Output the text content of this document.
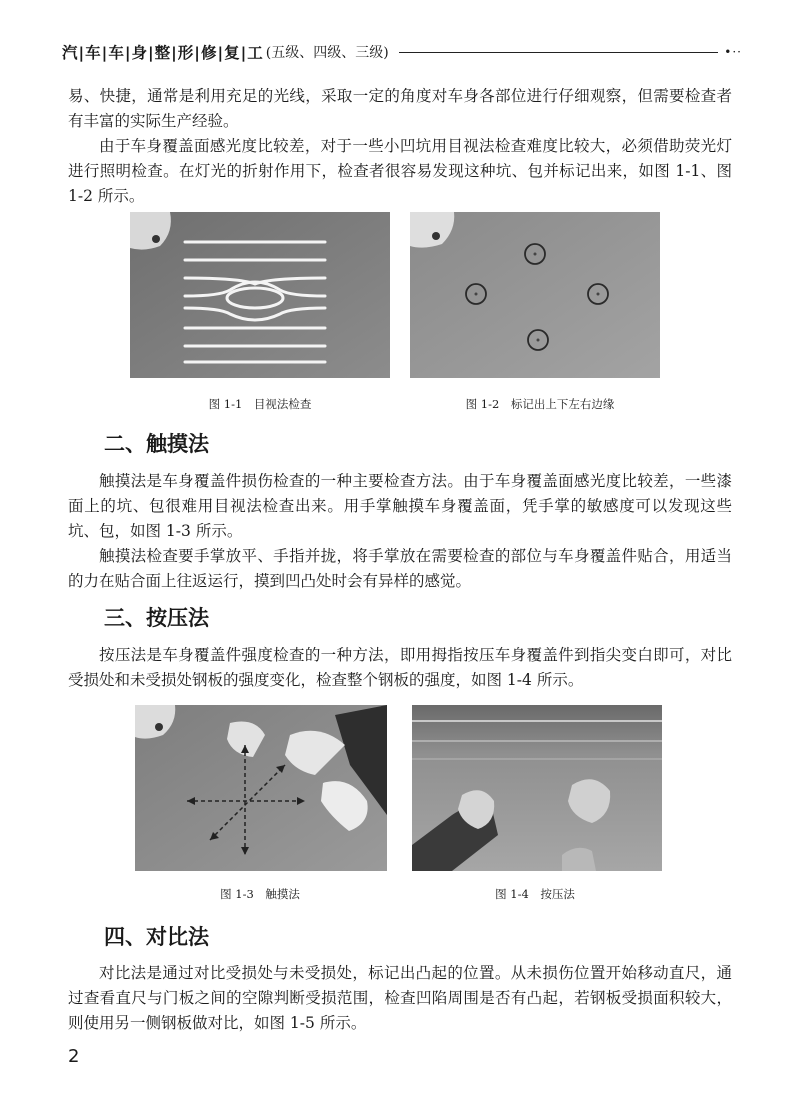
汽|车|车|身|整|形|修|复|工 (五级、四级、三级)	•··

易、快捷，通常是利用充足的光线，采取一定的角度对车身各部位进行仔细观察，但需要检查者有丰富的实际生产经验。

由于车身覆盖面感光度比较差，对于一些小凹坑用目视法检查难度比较大，必须借助荧光灯进行照明检查。在灯光的折射作用下，检查者很容易发现这种坑、包并标记出来，如图 1-1、图 1-2 所示。

图 1-1　目视法检查	图 1-2　标记出上下左右边缘
二、触摸法

触摸法是车身覆盖件损伤检查的一种主要检查方法。由于车身覆盖面感光度比较差，一些漆面上的坑、包很难用目视法检查出来。用手掌触摸车身覆盖面，凭手掌的敏感度可以发现这些坑、包，如图 1-3 所示。

触摸法检查要手掌放平、手指并拢，将手掌放在需要检查的部位与车身覆盖件贴合，用适当的力在贴合面上往返运行，摸到凹凸处时会有异样的感觉。

三、按压法

按压法是车身覆盖件强度检查的一种方法，即用拇指按压车身覆盖件到指尖变白即可，对比受损处和未受损处钢板的强度变化，检查整个钢板的强度，如图 1-4 所示。

图 1-3　触摸法	图 1-4　按压法
四、对比法

对比法是通过对比受损处与未受损处，标记出凸起的位置。从未损伤位置开始移动直尺，通过查看直尺与门板之间的空隙判断受损范围，检查凹陷周围是否有凸起，若钢板受损面积较大，则使用另一侧钢板做对比，如图 1-5 所示。

2
